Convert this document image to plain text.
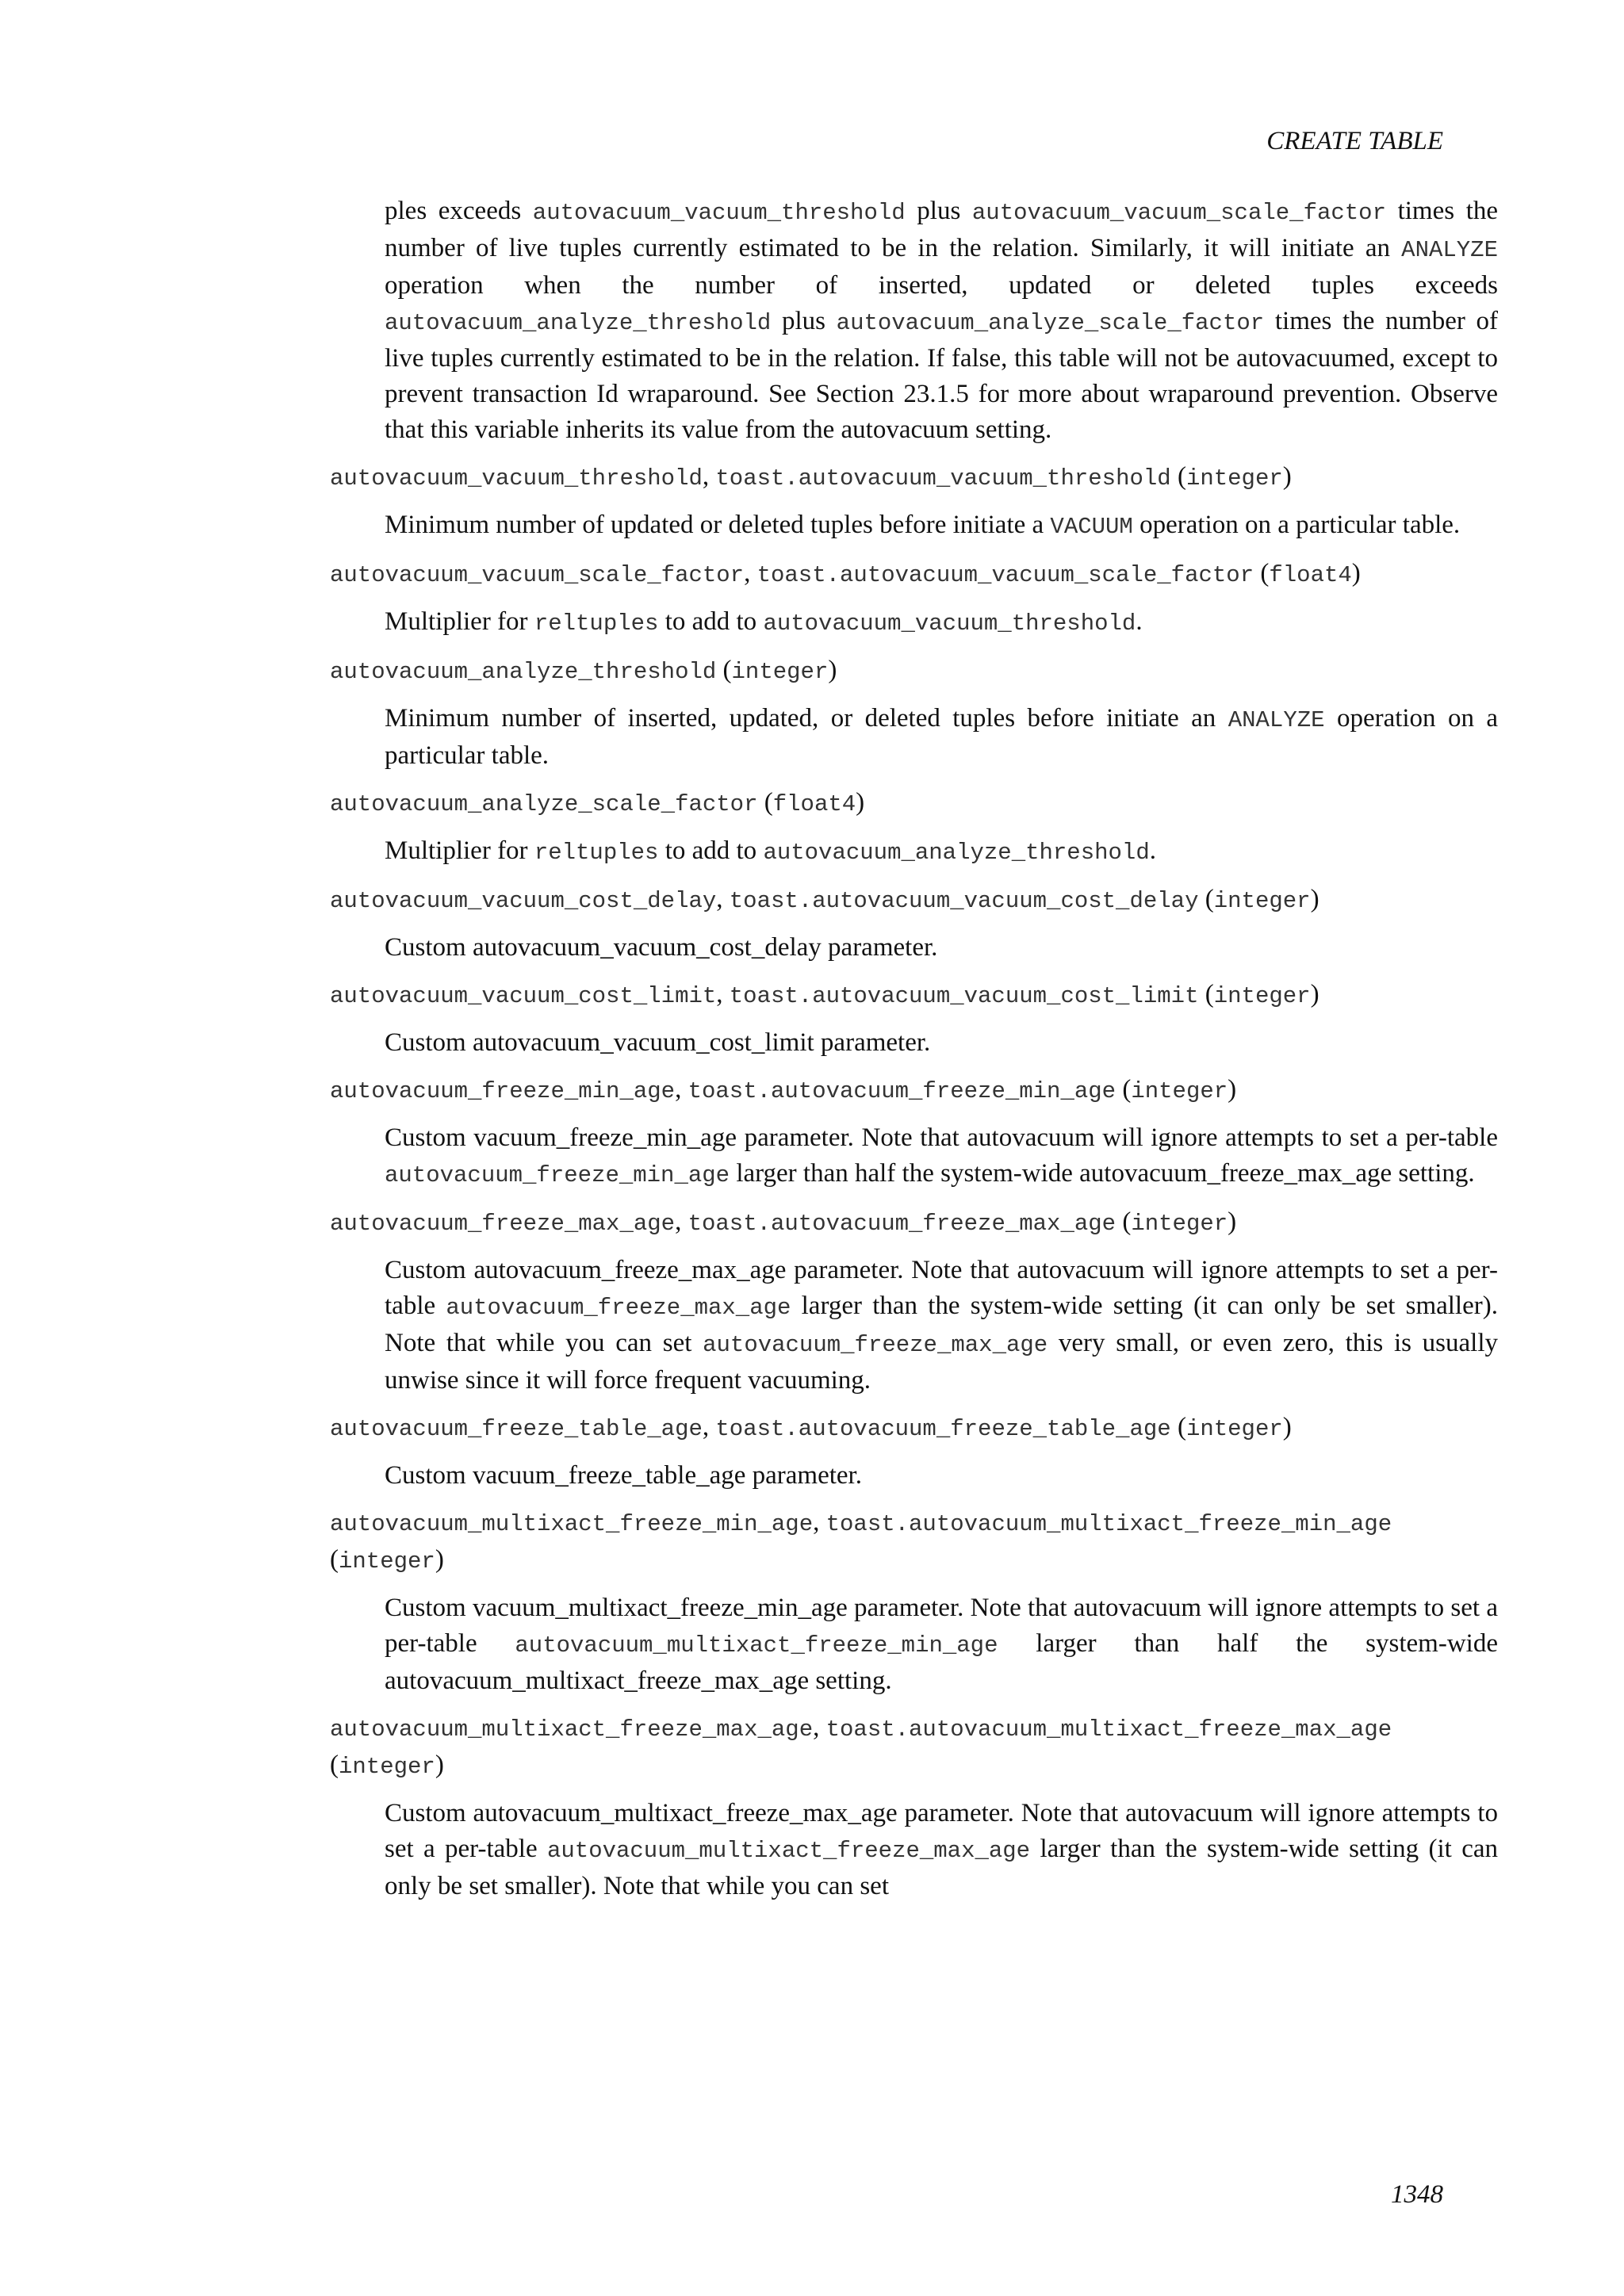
CREATE TABLE

ples exceeds autovacuum_vacuum_threshold plus autovacuum_vacuum_scale_factor times the number of live tuples currently estimated to be in the relation. Similarly, it will initiate an ANALYZE operation when the number of inserted, updated or deleted tuples exceeds autovacuum_analyze_threshold plus autovacuum_analyze_scale_factor times the number of live tuples currently estimated to be in the relation. If false, this table will not be autovacuumed, except to prevent transaction Id wraparound. See Section 23.1.5 for more about wraparound prevention. Observe that this variable inherits its value from the autovacuum setting.

autovacuum_vacuum_threshold, toast.autovacuum_vacuum_threshold (integer)

Minimum number of updated or deleted tuples before initiate a VACUUM operation on a particular table.

autovacuum_vacuum_scale_factor, toast.autovacuum_vacuum_scale_factor (float4)

Multiplier for reltuples to add to autovacuum_vacuum_threshold.

autovacuum_analyze_threshold (integer)

Minimum number of inserted, updated, or deleted tuples before initiate an ANALYZE operation on a particular table.

autovacuum_analyze_scale_factor (float4)

Multiplier for reltuples to add to autovacuum_analyze_threshold.

autovacuum_vacuum_cost_delay, toast.autovacuum_vacuum_cost_delay (integer)

Custom autovacuum_vacuum_cost_delay parameter.

autovacuum_vacuum_cost_limit, toast.autovacuum_vacuum_cost_limit (integer)

Custom autovacuum_vacuum_cost_limit parameter.

autovacuum_freeze_min_age, toast.autovacuum_freeze_min_age (integer)

Custom vacuum_freeze_min_age parameter. Note that autovacuum will ignore attempts to set a per-table autovacuum_freeze_min_age larger than half the system-wide autovacuum_freeze_max_age setting.

autovacuum_freeze_max_age, toast.autovacuum_freeze_max_age (integer)

Custom autovacuum_freeze_max_age parameter. Note that autovacuum will ignore attempts to set a per-table autovacuum_freeze_max_age larger than the system-wide setting (it can only be set smaller). Note that while you can set autovacuum_freeze_max_age very small, or even zero, this is usually unwise since it will force frequent vacuuming.

autovacuum_freeze_table_age, toast.autovacuum_freeze_table_age (integer)

Custom vacuum_freeze_table_age parameter.

autovacuum_multixact_freeze_min_age, toast.autovacuum_multixact_freeze_min_age (integer)

Custom vacuum_multixact_freeze_min_age parameter. Note that autovacuum will ignore attempts to set a per-table autovacuum_multixact_freeze_min_age larger than half the system-wide autovacuum_multixact_freeze_max_age setting.

autovacuum_multixact_freeze_max_age, toast.autovacuum_multixact_freeze_max_age (integer)

Custom autovacuum_multixact_freeze_max_age parameter. Note that autovacuum will ignore attempts to set a per-table autovacuum_multixact_freeze_max_age larger than the system-wide setting (it can only be set smaller). Note that while you can set

1348
